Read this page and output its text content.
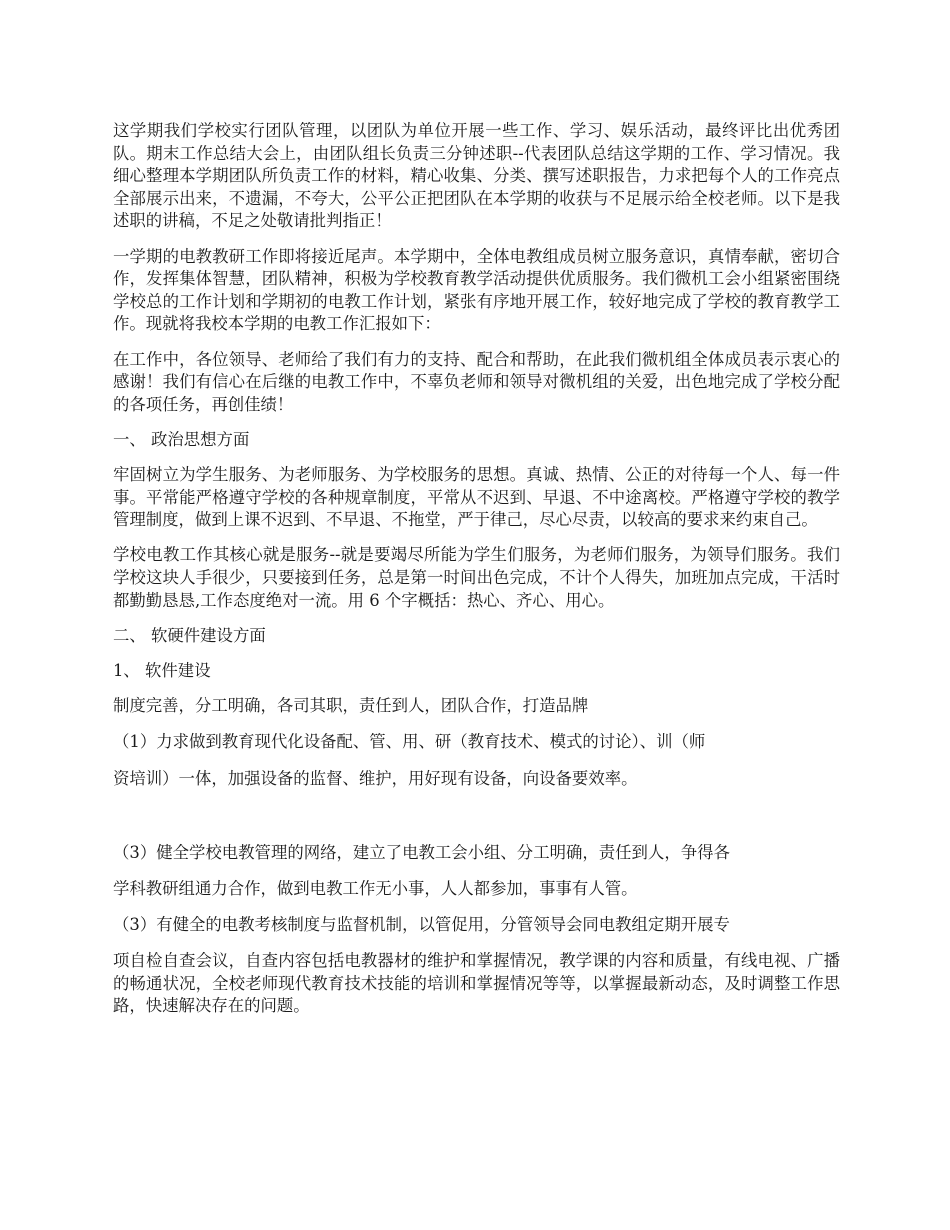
这学期我们学校实行团队管理，以团队为单位开展一些工作、学习、娱乐活动，最终评比出优秀团队。期末工作总结大会上，由团队组长负责三分钟述职--代表团队总结这学期的工作、学习情况。我细心整理本学期团队所负责工作的材料，精心收集、分类、撰写述职报告，力求把每个人的工作亮点全部展示出来，不遗漏，不夸大，公平公正把团队在本学期的收获与不足展示给全校老师。以下是我述职的讲稿，不足之处敬请批判指正！

一学期的电教教研工作即将接近尾声。本学期中，全体电教组成员树立服务意识，真情奉献，密切合作，发挥集体智慧，团队精神，积极为学校教育教学活动提供优质服务。我们微机工会小组紧密围绕学校总的工作计划和学期初的电教工作计划，紧张有序地开展工作，较好地完成了学校的教育教学工作。现就将我校本学期的电教工作汇报如下：

在工作中，各位领导、老师给了我们有力的支持、配合和帮助，在此我们微机组全体成员表示衷心的感谢！我们有信心在后继的电教工作中，不辜负老师和领导对微机组的关爱，出色地完成了学校分配的各项任务，再创佳绩！

一、 政治思想方面

牢固树立为学生服务、为老师服务、为学校服务的思想。真诚、热情、公正的对待每一个人、每一件事。平常能严格遵守学校的各种规章制度，平常从不迟到、早退、不中途离校。严格遵守学校的教学管理制度，做到上课不迟到、不早退、不拖堂，严于律己，尽心尽责，以较高的要求来约束自己。

学校电教工作其核心就是服务--就是要竭尽所能为学生们服务，为老师们服务，为领导们服务。我们学校这块人手很少，只要接到任务，总是第一时间出色完成，不计个人得失，加班加点完成，干活时都勤勤恳恳,工作态度绝对一流。用 6 个字概括：热心、齐心、用心。

二、 软硬件建设方面

1、 软件建设

制度完善，分工明确，各司其职，责任到人，团队合作，打造品牌

（1）力求做到教育现代化设备配、管、用、研（教育技术、模式的讨论）、训（师

资培训）一体，加强设备的监督、维护，用好现有设备，向设备要效率。

（3）健全学校电教管理的网络，建立了电教工会小组、分工明确，责任到人，争得各

学科教研组通力合作，做到电教工作无小事，人人都参加，事事有人管。

（3）有健全的电教考核制度与监督机制，以管促用，分管领导会同电教组定期开展专

项自检自查会议，自查内容包括电教器材的维护和掌握情况，教学课的内容和质量，有线电视、广播的畅通状况，全校老师现代教育技术技能的培训和掌握情况等等，以掌握最新动态，及时调整工作思路，快速解决存在的问题。
